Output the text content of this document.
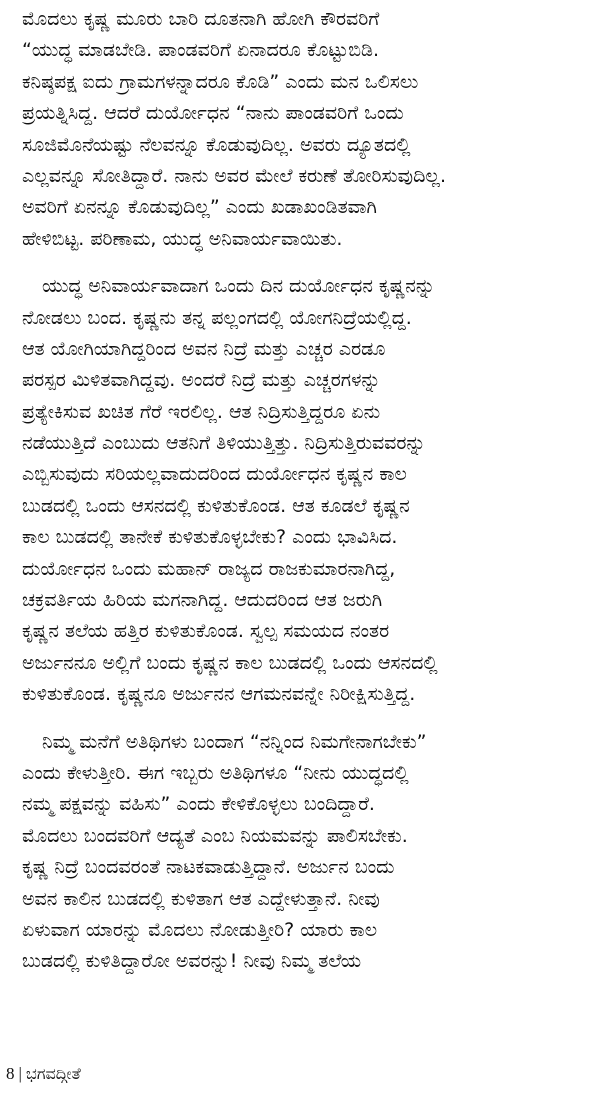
ಮೊದಲು ಕೃಷ್ಣ ಮೂರು ಬಾರಿ ದೂತನಾಗಿ ಹೋಗಿ ಕೌರವರಿಗೆ
“ಯುದ್ಧ ಮಾಡಬೇಡಿ. ಪಾಂಡವರಿಗೆ ಏನಾದರೂ ಕೊಟ್ಟುಬಿಡಿ.
ಕನಿಷ್ಠಪಕ್ಷ ಐದು ಗ್ರಾಮಗಳನ್ನಾದರೂ ಕೊಡಿ” ಎಂದು ಮನ ಒಲಿಸಲು
ಪ್ರಯತ್ನಿಸಿದ್ದ. ಆದರೆ ದುರ್ಯೋಧನ “ನಾನು ಪಾಂಡವರಿಗೆ ಒಂದು
ಸೂಜಿಮೊನೆಯಷ್ಟು ನೆಲವನ್ನೂ ಕೊಡುವುದಿಲ್ಲ. ಅವರು ದ್ಯೂತದಲ್ಲಿ
ಎಲ್ಲವನ್ನೂ ಸೋತಿದ್ದಾರೆ. ನಾನು ಅವರ ಮೇಲೆ ಕರುಣೆ ತೋರಿಸುವುದಿಲ್ಲ.
ಅವರಿಗೆ ಏನನ್ನೂ ಕೊಡುವುದಿಲ್ಲ” ಎಂದು ಖಡಾಖಂಡಿತವಾಗಿ
ಹೇಳಿಬಿಟ್ಟ. ಪರಿಣಾಮ, ಯುದ್ಧ ಅನಿವಾರ್ಯವಾಯಿತು.
ಯುದ್ಧ ಅನಿವಾರ್ಯವಾದಾಗ ಒಂದು ದಿನ ದುರ್ಯೋಧನ ಕೃಷ್ಣನನ್ನು
ನೋಡಲು ಬಂದ. ಕೃಷ್ಣನು ತನ್ನ ಪಲ್ಲಂಗದಲ್ಲಿ ಯೋಗನಿದ್ರೆಯಲ್ಲಿದ್ದ.
ಆತ ಯೋಗಿಯಾಗಿದ್ದರಿಂದ ಅವನ ನಿದ್ರೆ ಮತ್ತು ಎಚ್ಚರ ಎರಡೂ
ಪರಸ್ಪರ ಮಿಳಿತವಾಗಿದ್ದವು. ಅಂದರೆ ನಿದ್ರೆ ಮತ್ತು ಎಚ್ಚರಗಳನ್ನು
ಪ್ರತ್ಯೇಕಿಸುವ ಖಚಿತ ಗೆರೆ ಇರಲಿಲ್ಲ. ಆತ ನಿದ್ರಿಸುತ್ತಿದ್ದರೂ ಏನು
ನಡೆಯುತ್ತಿದೆ ಎಂಬುದು ಆತನಿಗೆ ತಿಳಿಯುತ್ತಿತ್ತು. ನಿದ್ರಿಸುತ್ತಿರುವವರನ್ನು
ಎಬ್ಬಿಸುವುದು ಸರಿಯಲ್ಲವಾದುದರಿಂದ ದುರ್ಯೋಧನ ಕೃಷ್ಣನ ಕಾಲ
ಬುಡದಲ್ಲಿ ಒಂದು ಆಸನದಲ್ಲಿ ಕುಳಿತುಕೊಂಡ. ಆತ ಕೂಡಲೆ ಕೃಷ್ಣನ
ಕಾಲ ಬುಡದಲ್ಲಿ ತಾನೇಕೆ ಕುಳಿತುಕೊಳ್ಳಬೇಕು? ಎಂದು ಭಾವಿಸಿದ.
ದುರ್ಯೋಧನ ಒಂದು ಮಹಾನ್ ರಾಜ್ಯದ ರಾಜಕುಮಾರನಾಗಿದ್ದ,
ಚಕ್ರವರ್ತಿಯ ಹಿರಿಯ ಮಗನಾಗಿದ್ದ. ಆದುದರಿಂದ ಆತ ಜರುಗಿ
ಕೃಷ್ಣನ ತಲೆಯ ಹತ್ತಿರ ಕುಳಿತುಕೊಂಡ. ಸ್ವಲ್ಪ ಸಮಯದ ನಂತರ
ಅರ್ಜುನನೂ ಅಲ್ಲಿಗೆ ಬಂದು ಕೃಷ್ಣನ ಕಾಲ ಬುಡದಲ್ಲಿ ಒಂದು ಆಸನದಲ್ಲಿ
ಕುಳಿತುಕೊಂಡ. ಕೃಷ್ಣನೂ ಅರ್ಜುನನ ಆಗಮನವನ್ನೇ ನಿರೀಕ್ಷಿಸುತ್ತಿದ್ದ.
ನಿಮ್ಮ ಮನೆಗೆ ಅತಿಥಿಗಳು ಬಂದಾಗ “ನನ್ನಿಂದ ನಿಮಗೇನಾಗಬೇಕು”
ಎಂದು ಕೇಳುತ್ತೀರಿ. ಈಗ ಇಬ್ಬರು ಅತಿಥಿಗಳೂ “ನೀನು ಯುದ್ಧದಲ್ಲಿ
ನಮ್ಮ ಪಕ್ಷವನ್ನು ವಹಿಸು” ಎಂದು ಕೇಳಿಕೊಳ್ಳಲು ಬಂದಿದ್ದಾರೆ.
ಮೊದಲು ಬಂದವರಿಗೆ ಆದ್ಯತೆ ಎಂಬ ನಿಯಮವನ್ನು ಪಾಲಿಸಬೇಕು.
ಕೃಷ್ಣ ನಿದ್ರೆ ಬಂದವರಂತೆ ನಾಟಕವಾಡುತ್ತಿದ್ದಾನೆ. ಅರ್ಜುನ ಬಂದು
ಅವನ ಕಾಲಿನ ಬುಡದಲ್ಲಿ ಕುಳಿತಾಗ ಆತ ಎದ್ದೇಳುತ್ತಾನೆ. ನೀವು
ಏಳುವಾಗ ಯಾರನ್ನು ಮೊದಲು ನೋಡುತ್ತೀರಿ? ಯಾರು ಕಾಲ
ಬುಡದಲ್ಲಿ ಕುಳಿತಿದ್ದಾರೋ ಅವರನ್ನು! ನೀವು ನಿಮ್ಮ ತಲೆಯ
8 | ಭಗವದ್ಗೀತೆ
